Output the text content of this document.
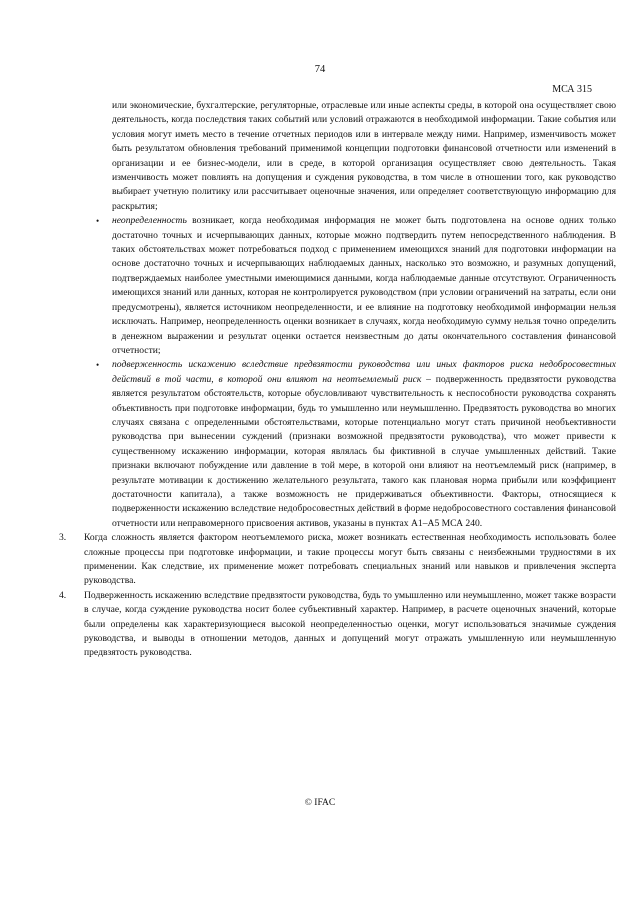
74
МСА 315

или экономические, бухгалтерские, регуляторные, отраслевые или иные аспекты среды, в которой она осуществляет свою деятельность, когда последствия таких событий или условий отражаются в необходимой информации. Такие события или условия могут иметь место в течение отчетных периодов или в интервале между ними. Например, изменчивость может быть результатом обновления требований применимой концепции подготовки финансовой отчетности или изменений в организации и ее бизнес-модели, или в среде, в которой организация осуществляет свою деятельность. Такая изменчивость может повлиять на допущения и суждения руководства, в том числе в отношении того, как руководство выбирает учетную политику или рассчитывает оценочные значения, или определяет соответствующую информацию для раскрытия;

• неопределенность возникает, когда необходимая информация не может быть подготовлена на основе одних только достаточно точных и исчерпывающих данных, которые можно подтвердить путем непосредственного наблюдения. В таких обстоятельствах может потребоваться подход с применением имеющихся знаний для подготовки информации на основе достаточно точных и исчерпывающих наблюдаемых данных, насколько это возможно, и разумных допущений, подтверждаемых наиболее уместными имеющимися данными, когда наблюдаемые данные отсутствуют. Ограниченность имеющихся знаний или данных, которая не контролируется руководством (при условии ограничений на затраты, если они предусмотрены), является источником неопределенности, и ее влияние на подготовку необходимой информации нельзя исключать. Например, неопределенность оценки возникает в случаях, когда необходимую сумму нельзя точно определить в денежном выражении и результат оценки остается неизвестным до даты окончательного составления финансовой отчетности;

• подверженность искажению вследствие предвзятости руководства или иных факторов риска недобросовестных действий в той части, в которой они влияют на неотъемлемый риск – подверженность предвзятости руководства является результатом обстоятельств, которые обусловливают чувствительность к неспособности руководства сохранять объективность при подготовке информации, будь то умышленно или неумышленно. Предвзятость руководства во многих случаях связана с определенными обстоятельствами, которые потенциально могут стать причиной необъективности руководства при вынесении суждений (признаки возможной предвзятости руководства), что может привести к существенному искажению информации, которая являлась бы фиктивной в случае умышленных действий. Такие признаки включают побуждение или давление в той мере, в которой они влияют на неотъемлемый риск (например, в результате мотивации к достижению желательного результата, такого как плановая норма прибыли или коэффициент достаточности капитала), а также возможность не придерживаться объективности. Факторы, относящиеся к подверженности искажению вследствие недобросовестных действий в форме недобросовестного составления финансовой отчетности или неправомерного присвоения активов, указаны в пунктах А1–А5 МСА 240.

3. Когда сложность является фактором неотъемлемого риска, может возникать естественная необходимость использовать более сложные процессы при подготовке информации, и такие процессы могут быть связаны с неизбежными трудностями в их применении. Как следствие, их применение может потребовать специальных знаний или навыков и привлечения эксперта руководства.

4. Подверженность искажению вследствие предвзятости руководства, будь то умышленно или неумышленно, может также возрасти в случае, когда суждение руководства носит более субъективный характер. Например, в расчете оценочных значений, которые были определены как характеризующиеся высокой неопределенностью оценки, могут использоваться значимые суждения руководства, и выводы в отношении методов, данных и допущений могут отражать умышленную или неумышленную предвзятость руководства.

© IFAC
